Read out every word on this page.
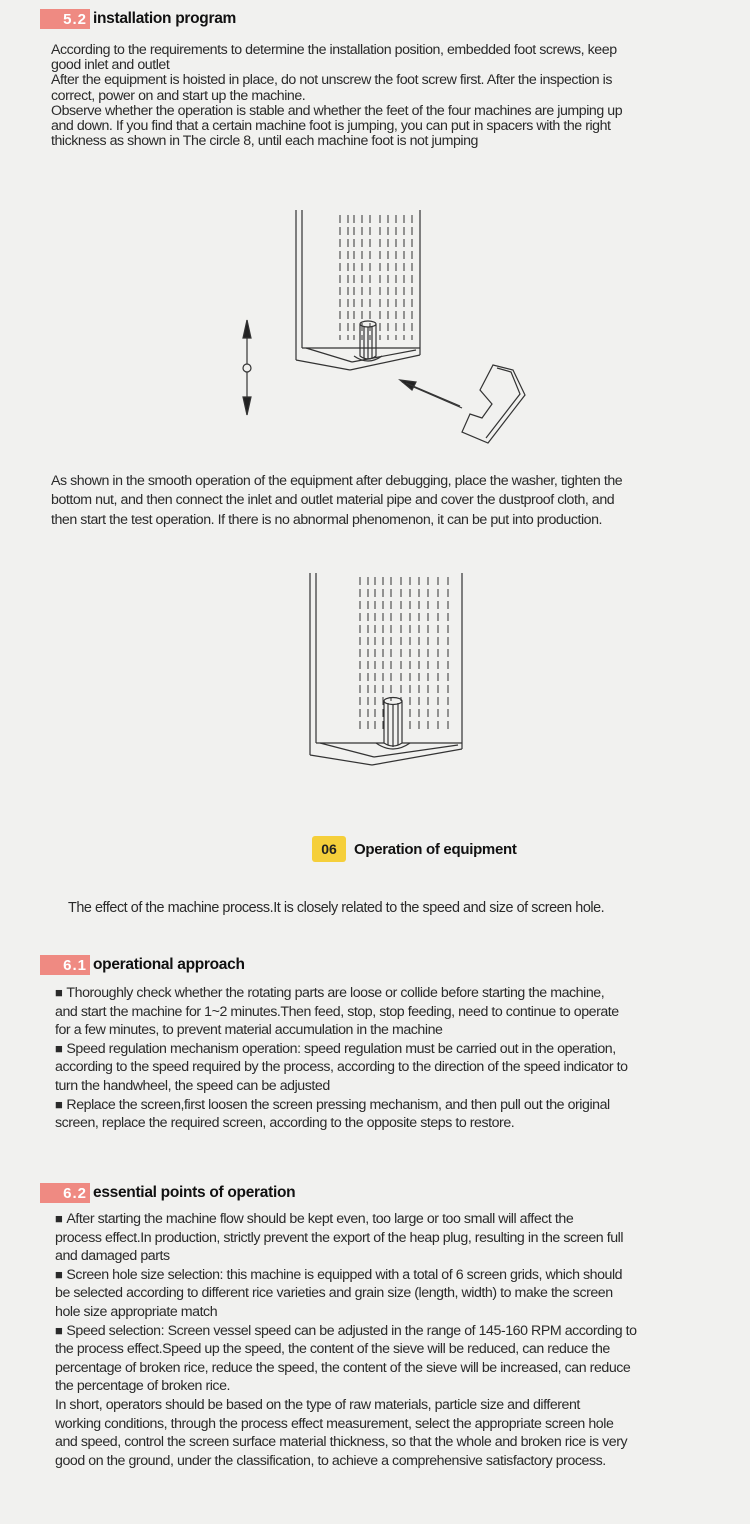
5.2 installation program
According to the requirements to determine the installation position, embedded foot screws, keep
good inlet and outlet
After the equipment is hoisted in place, do not unscrew the foot screw first. After the inspection is
correct, power on and start up the machine.
Observe whether the operation is stable and whether the feet of the four machines are jumping up
and down. If you find that a certain machine foot is jumping, you can put in spacers with the right
thickness as shown in The circle 8, until each machine foot is not jumping
As shown in the smooth operation of the equipment after debugging, place the washer, tighten the
bottom nut, and then connect the inlet and outlet material pipe and cover the dustproof cloth, and
then start the test operation. If there is no abnormal phenomenon, it can be put into production.
06	Operation of equipment
The effect of the machine process.It is closely related to the speed and size of screen hole.
6.1 operational approach
■ Thoroughly check whether the rotating parts are loose or collide before starting the machine,
and start the machine for 1~2 minutes.Then feed, stop, stop feeding, need to continue to operate
for a few minutes, to prevent material accumulation in the machine
■ Speed regulation mechanism operation: speed regulation must be carried out in the operation,
according to the speed required by the process, according to the direction of the speed indicator to
turn the handwheel, the speed can be adjusted
■ Replace the screen,first loosen the screen pressing mechanism, and then pull out the original
screen, replace the required screen, according to the opposite steps to restore.
6.2 essential points of operation
■ After starting the machine flow should be kept even, too large or too small will affect the
process effect.In production, strictly prevent the export of the heap plug, resulting in the screen full
and damaged parts
■ Screen hole size selection: this machine is equipped with a total of 6 screen grids, which should
be selected according to different rice varieties and grain size (length, width) to make the screen
hole size appropriate match
■ Speed selection: Screen vessel speed can be adjusted in the range of 145-160 RPM according to
the process effect.Speed up the speed, the content of the sieve will be reduced, can reduce the
percentage of broken rice, reduce the speed, the content of the sieve will be increased, can reduce
the percentage of broken rice.
In short, operators should be based on the type of raw materials, particle size and different
working conditions, through the process effect measurement, select the appropriate screen hole
and speed, control the screen surface material thickness, so that the whole and broken rice is very
good on the ground, under the classification, to achieve a comprehensive satisfactory process.
